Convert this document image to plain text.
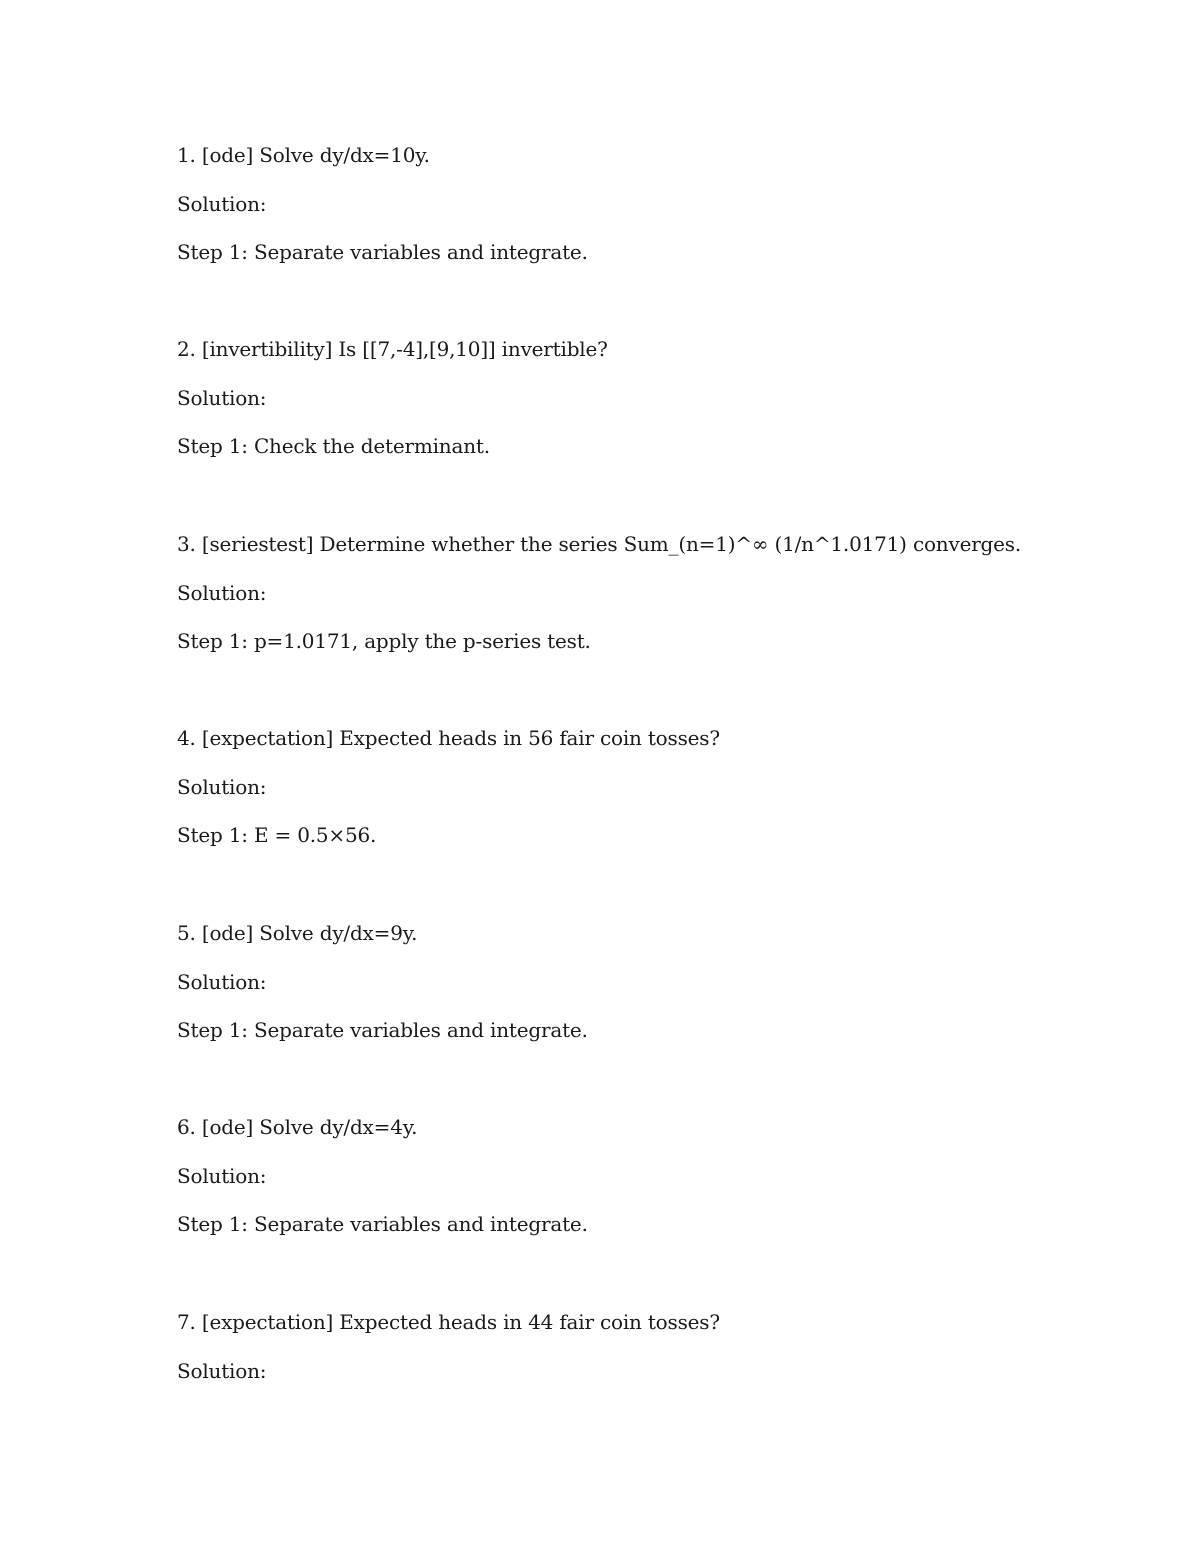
1. [ode] Solve dy/dx=10y.
Solution:
Step 1: Separate variables and integrate.
2. [invertibility] Is [[7,-4],[9,10]] invertible?
Solution:
Step 1: Check the determinant.
3. [seriestest] Determine whether the series Sum_(n=1)^∞ (1/n^1.0171) converges.
Solution:
Step 1: p=1.0171, apply the p-series test.
4. [expectation] Expected heads in 56 fair coin tosses?
Solution:
Step 1: E = 0.5×56.
5. [ode] Solve dy/dx=9y.
Solution:
Step 1: Separate variables and integrate.
6. [ode] Solve dy/dx=4y.
Solution:
Step 1: Separate variables and integrate.
7. [expectation] Expected heads in 44 fair coin tosses?
Solution:
